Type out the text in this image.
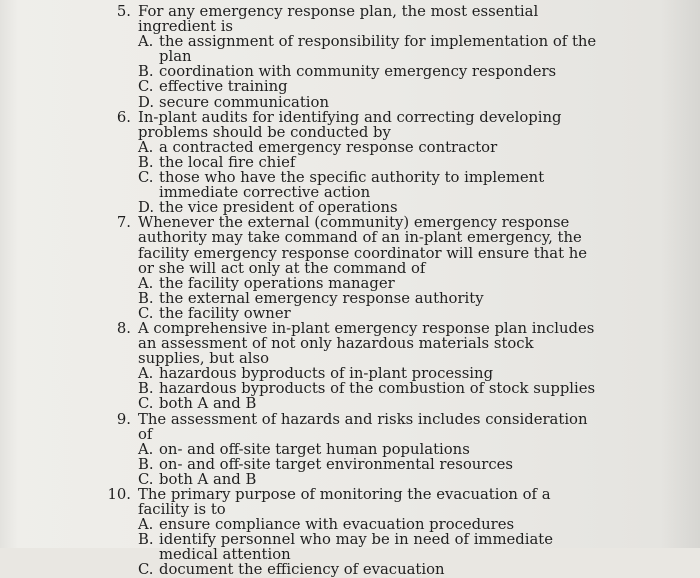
5. For any emergency response plan, the most essential ingredient is
A. the assignment of responsibility for implementation of the plan
B. coordination with community emergency responders
C. effective training
D. secure communication
6. In-plant audits for identifying and correcting developing problems should be conducted by
A. a contracted emergency response contractor
B. the local fire chief
C. those who have the specific authority to implement immediate corrective action
D. the vice president of operations
7. Whenever the external (community) emergency response authority may take command of an in-plant emergency, the facility emergency response coordinator will ensure that he or she will act only at the command of
A. the facility operations manager
B. the external emergency response authority
C. the facility owner
8. A comprehensive in-plant emergency response plan includes an assessment of not only hazardous materials stock supplies, but also
A. hazardous byproducts of in-plant processing
B. hazardous byproducts of the combustion of stock supplies
C. both A and B
9. The assessment of hazards and risks includes consideration of
A. on- and off-site target human populations
B. on- and off-site target environmental resources
C. both A and B
10. The primary purpose of monitoring the evacuation of a facility is to
A. ensure compliance with evacuation procedures
B. identify personnel who may be in need of immediate medical attention
C. document the efficiency of evacuation
